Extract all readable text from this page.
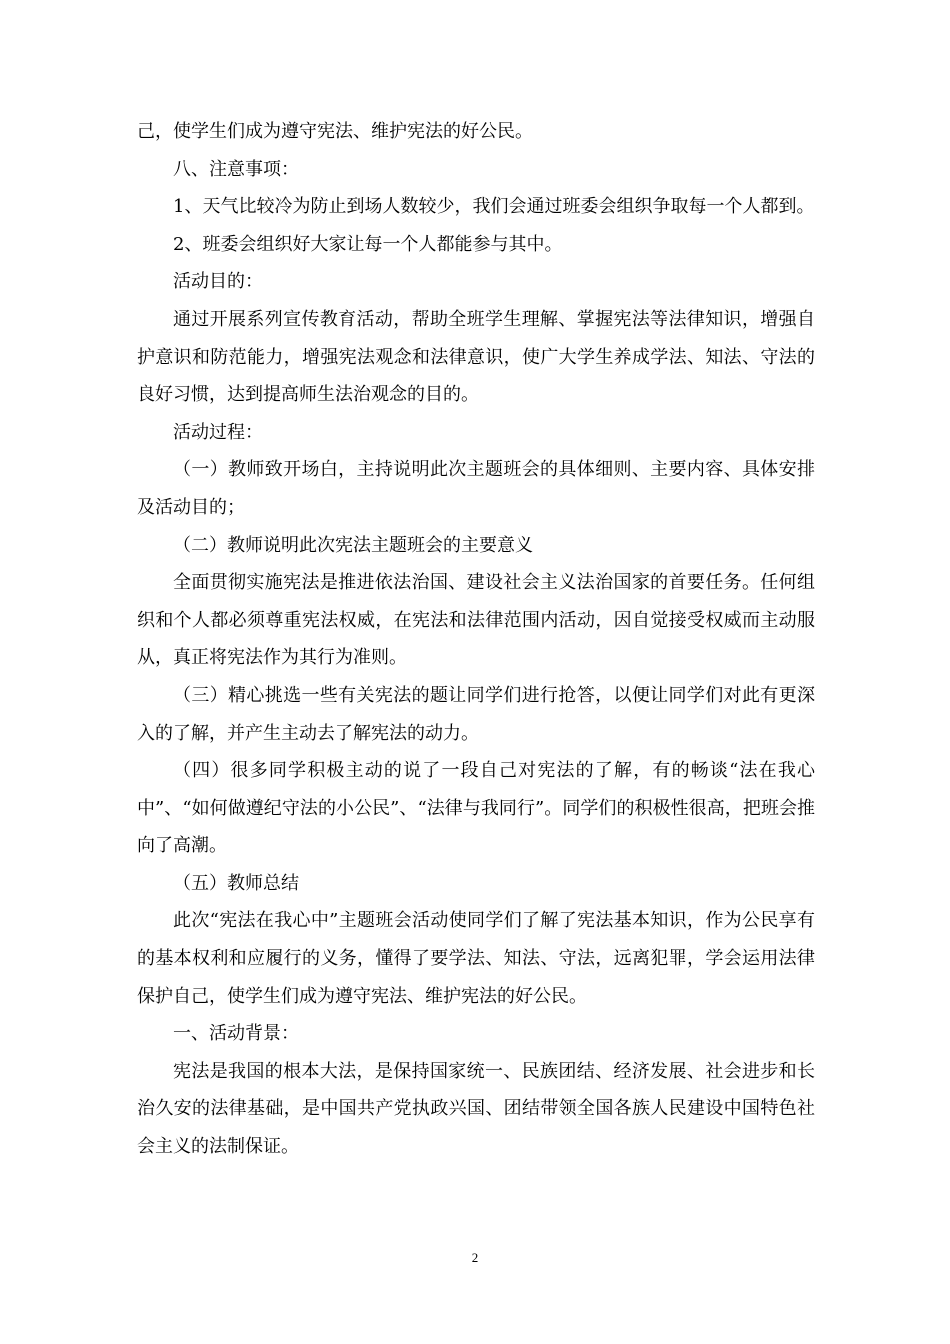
己，使学生们成为遵守宪法、维护宪法的好公民。

八、注意事项：

1、天气比较冷为防止到场人数较少，我们会通过班委会组织争取每一个人都到。

2、班委会组织好大家让每一个人都能参与其中。

活动目的：

通过开展系列宣传教育活动，帮助全班学生理解、掌握宪法等法律知识，增强自护意识和防范能力，增强宪法观念和法律意识，使广大学生养成学法、知法、守法的良好习惯，达到提高师生法治观念的目的。

活动过程：

（一）教师致开场白，主持说明此次主题班会的具体细则、主要内容、具体安排及活动目的；

（二）教师说明此次宪法主题班会的主要意义

全面贯彻实施宪法是推进依法治国、建设社会主义法治国家的首要任务。任何组织和个人都必须尊重宪法权威，在宪法和法律范围内活动，因自觉接受权威而主动服从，真正将宪法作为其行为准则。

（三）精心挑选一些有关宪法的题让同学们进行抢答，以便让同学们对此有更深入的了解，并产生主动去了解宪法的动力。

（四）很多同学积极主动的说了一段自己对宪法的了解，有的畅谈“法在我心中”、“如何做遵纪守法的小公民”、“法律与我同行”。同学们的积极性很高，把班会推向了高潮。

（五）教师总结

此次“宪法在我心中”主题班会活动使同学们了解了宪法基本知识，作为公民享有的基本权利和应履行的义务，懂得了要学法、知法、守法，远离犯罪，学会运用法律保护自己，使学生们成为遵守宪法、维护宪法的好公民。

一、活动背景：

宪法是我国的根本大法，是保持国家统一、民族团结、经济发展、社会进步和长治久安的法律基础，是中国共产党执政兴国、团结带领全国各族人民建设中国特色社会主义的法制保证。

2
